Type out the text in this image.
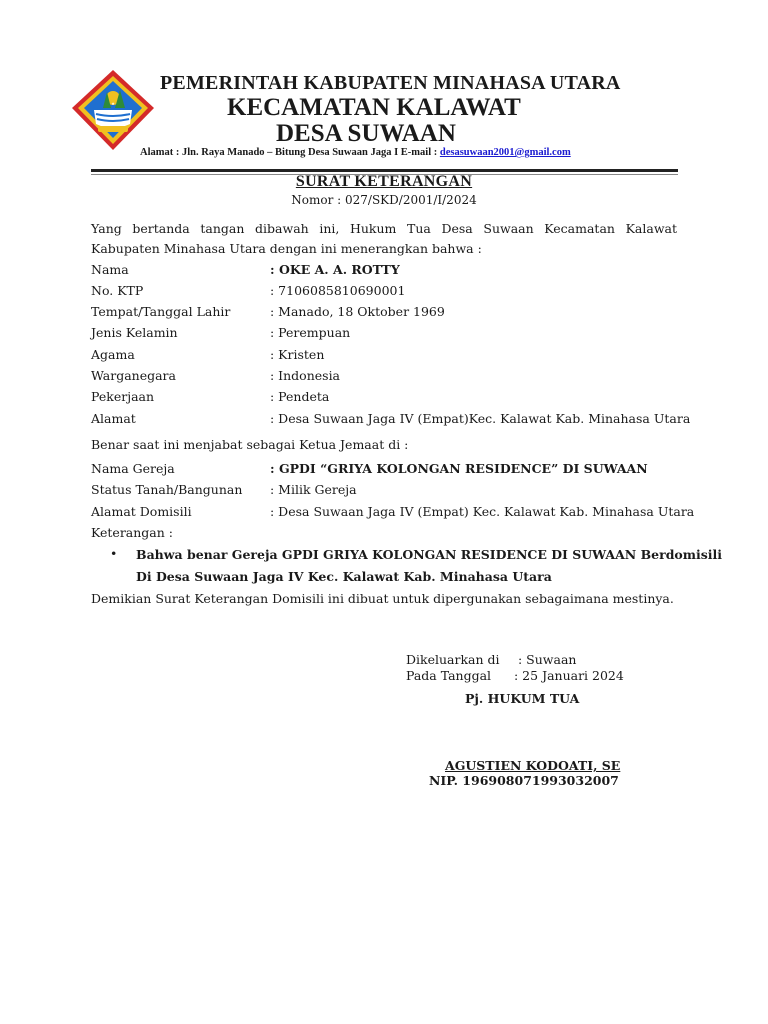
★
PEMERINTAH KABUPATEN MINAHASA UTARA
KECAMATAN KALAWAT
DESA SUWAAN
Alamat : Jln. Raya Manado – Bitung Desa Suwaan Jaga I E-mail : desasuwaan2001@gmail.com
SURAT KETERANGAN
Nomor : 027/SKD/2001/I/2024
Yang bertanda tangan dibawah ini, Hukum Tua Desa Suwaan Kecamatan Kalawat Kabupaten Minahasa Utara dengan ini menerangkan bahwa :
Nama	: OKE A. A. ROTTY
No. KTP	: 7106085810690001
Tempat/Tanggal Lahir	: Manado, 18 Oktober 1969
Jenis Kelamin	: Perempuan
Agama	: Kristen
Warganegara	: Indonesia
Pekerjaan	: Pendeta
Alamat	: Desa Suwaan Jaga IV (Empat)Kec. Kalawat Kab. Minahasa Utara
Benar saat ini menjabat sebagai Ketua Jemaat di :
Nama Gereja	: GPDI “GRIYA KOLONGAN RESIDENCE” DI SUWAAN
Status Tanah/Bangunan : Milik Gereja
Alamat Domisili	: Desa Suwaan Jaga IV (Empat) Kec. Kalawat Kab. Minahasa Utara
Keterangan :
• Bahwa benar Gereja GPDI GRIYA KOLONGAN RESIDENCE DI SUWAAN Berdomisili
Di Desa Suwaan Jaga IV Kec. Kalawat Kab. Minahasa Utara
Demikian Surat Keterangan Domisili ini dibuat untuk dipergunakan sebagaimana mestinya.
Dikeluarkan di : Suwaan
Pada Tanggal : 25 Januari 2024
Pj. HUKUM TUA
AGUSTIEN KODOATI, SE
NIP. 196908071993032007
